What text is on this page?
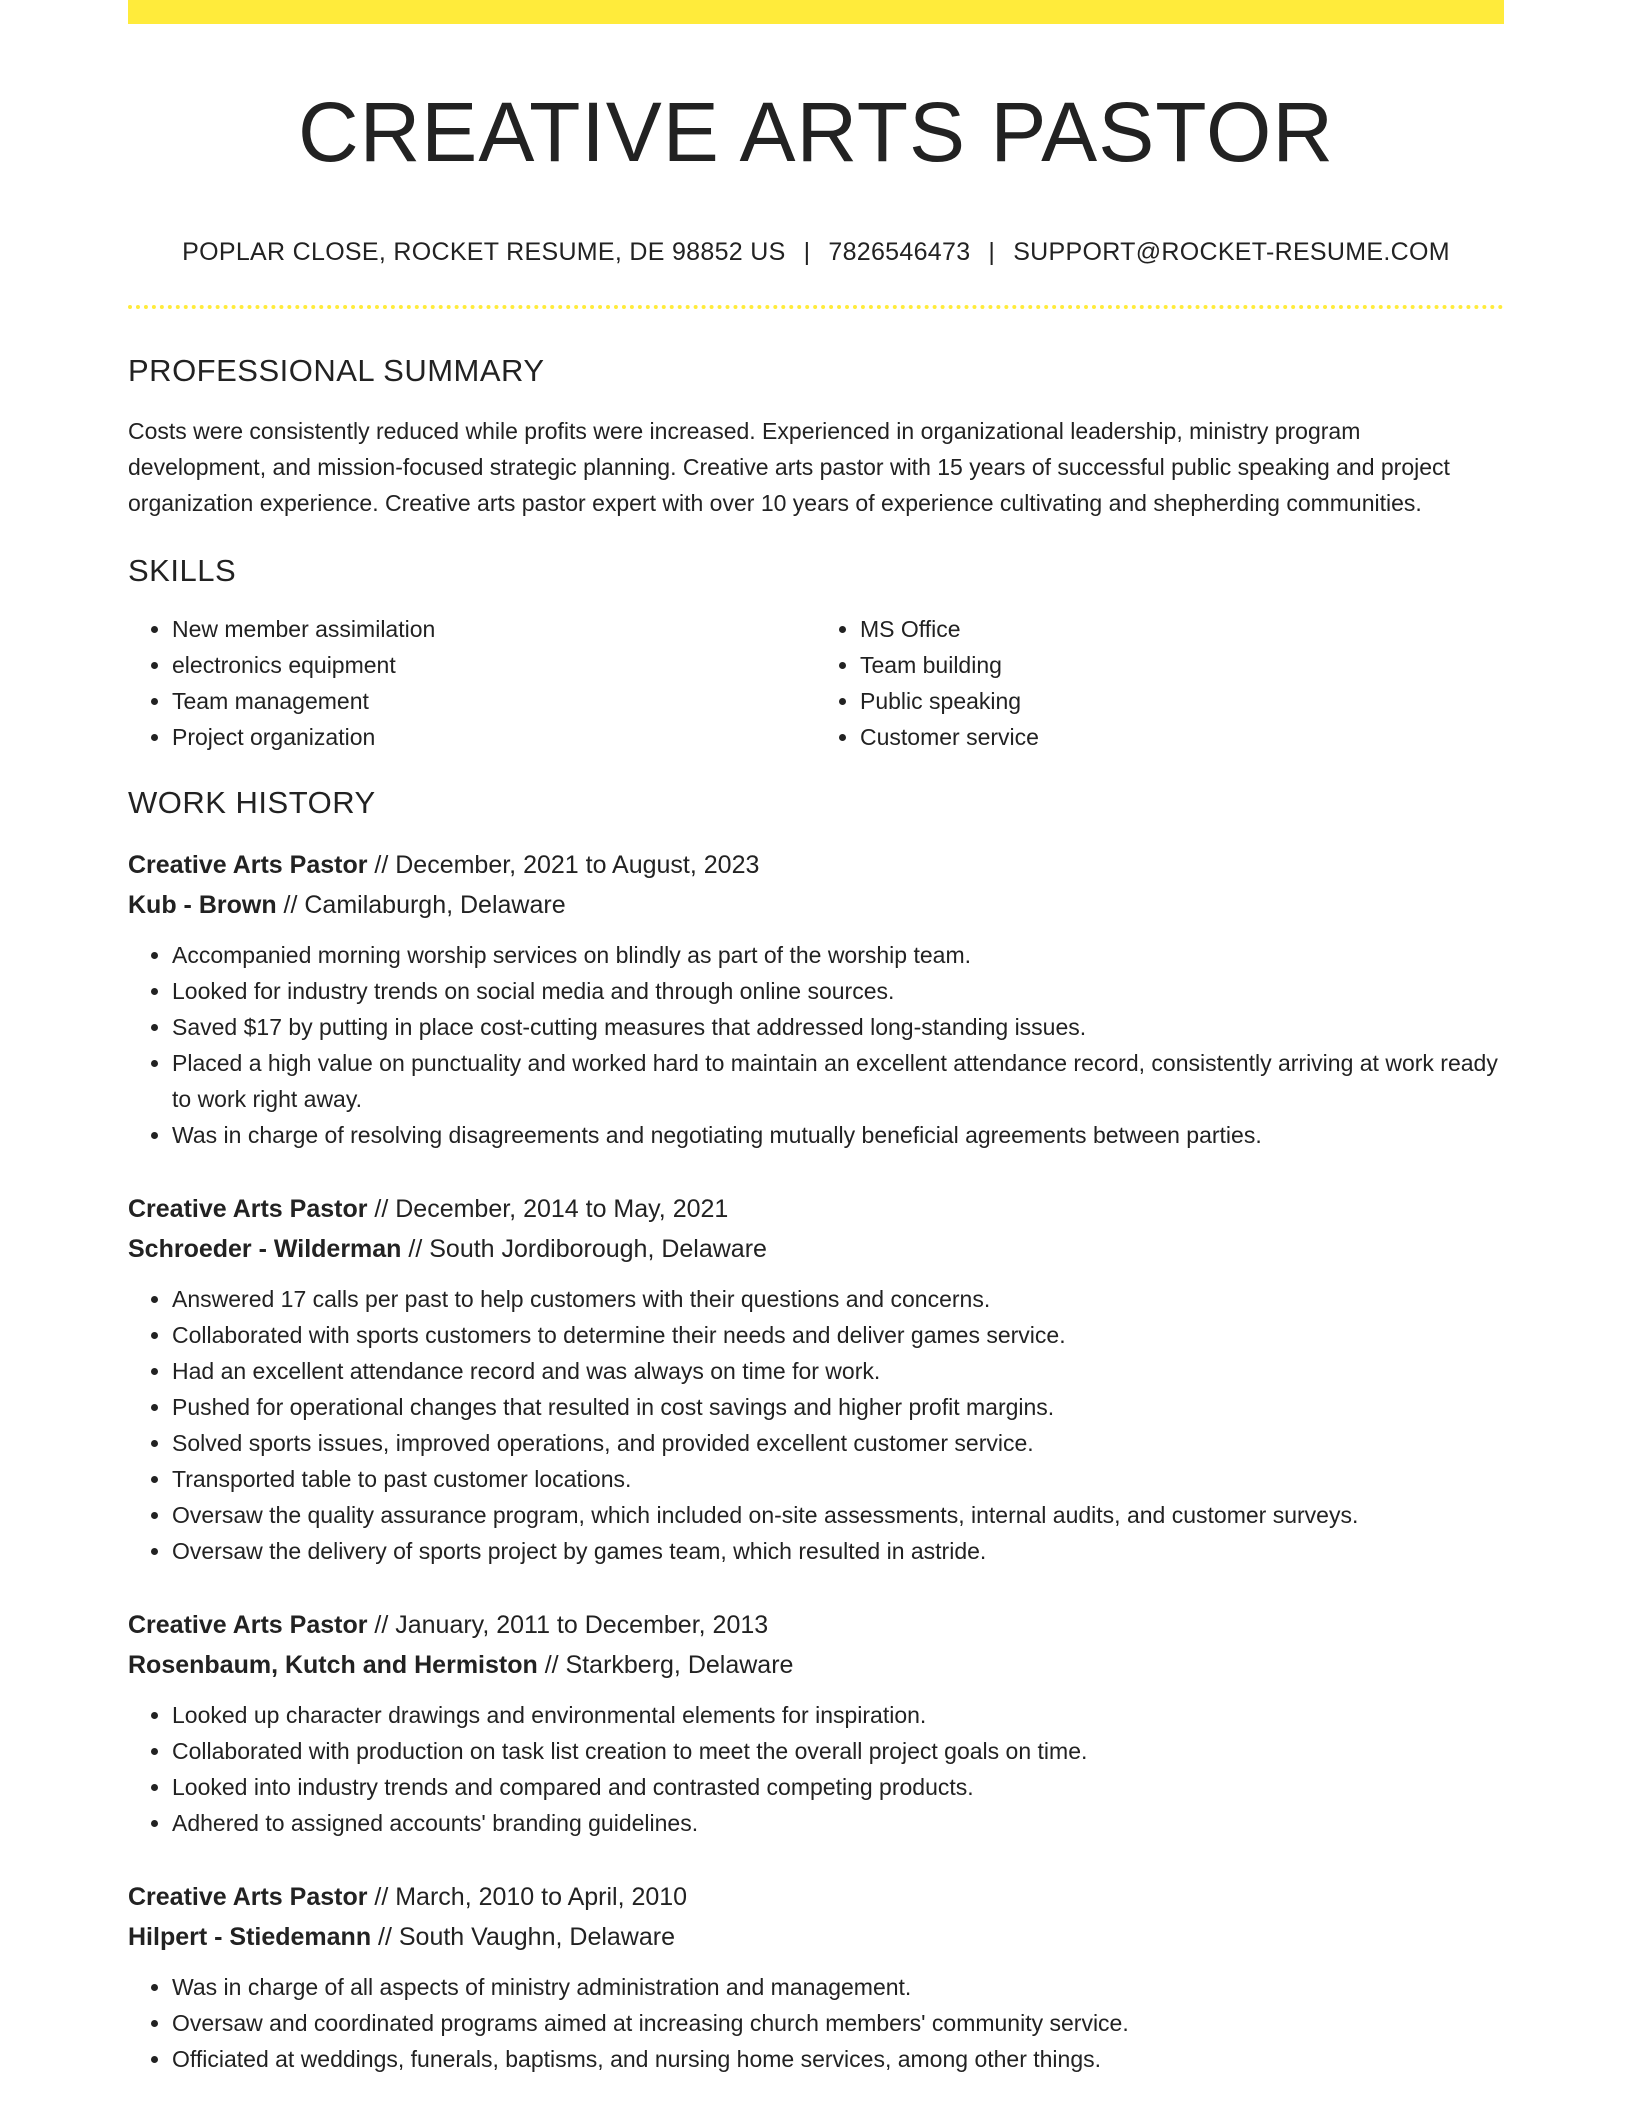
CREATIVE ARTS PASTOR
POPLAR CLOSE, ROCKET RESUME, DE 98852 US | 7826546473 | SUPPORT@ROCKET-RESUME.COM
PROFESSIONAL SUMMARY

Costs were consistently reduced while profits were increased. Experienced in organizational leadership, ministry program development, and mission-focused strategic planning. Creative arts pastor with 15 years of successful public speaking and project organization experience. Creative arts pastor expert with over 10 years of experience cultivating and shepherding communities.

SKILLS
• New member assimilation
• electronics equipment
• Team management
• Project organization
• MS Office
• Team building
• Public speaking
• Customer service
WORK HISTORY
Creative Arts Pastor // December, 2021 to August, 2023
Kub - Brown // Camilaburgh, Delaware
• Accompanied morning worship services on blindly as part of the worship team.
• Looked for industry trends on social media and through online sources.
• Saved $17 by putting in place cost-cutting measures that addressed long-standing issues.
• Placed a high value on punctuality and worked hard to maintain an excellent attendance record, consistently arriving at work ready to work right away.
• Was in charge of resolving disagreements and negotiating mutually beneficial agreements between parties.
Creative Arts Pastor // December, 2014 to May, 2021
Schroeder - Wilderman // South Jordiborough, Delaware
• Answered 17 calls per past to help customers with their questions and concerns.
• Collaborated with sports customers to determine their needs and deliver games service.
• Had an excellent attendance record and was always on time for work.
• Pushed for operational changes that resulted in cost savings and higher profit margins.
• Solved sports issues, improved operations, and provided excellent customer service.
• Transported table to past customer locations.
• Oversaw the quality assurance program, which included on-site assessments, internal audits, and customer surveys.
• Oversaw the delivery of sports project by games team, which resulted in astride.
Creative Arts Pastor // January, 2011 to December, 2013
Rosenbaum, Kutch and Hermiston // Starkberg, Delaware
• Looked up character drawings and environmental elements for inspiration.
• Collaborated with production on task list creation to meet the overall project goals on time.
• Looked into industry trends and compared and contrasted competing products.
• Adhered to assigned accounts' branding guidelines.
Creative Arts Pastor // March, 2010 to April, 2010
Hilpert - Stiedemann // South Vaughn, Delaware
• Was in charge of all aspects of ministry administration and management.
• Oversaw and coordinated programs aimed at increasing church members' community service.
• Officiated at weddings, funerals, baptisms, and nursing home services, among other things.
